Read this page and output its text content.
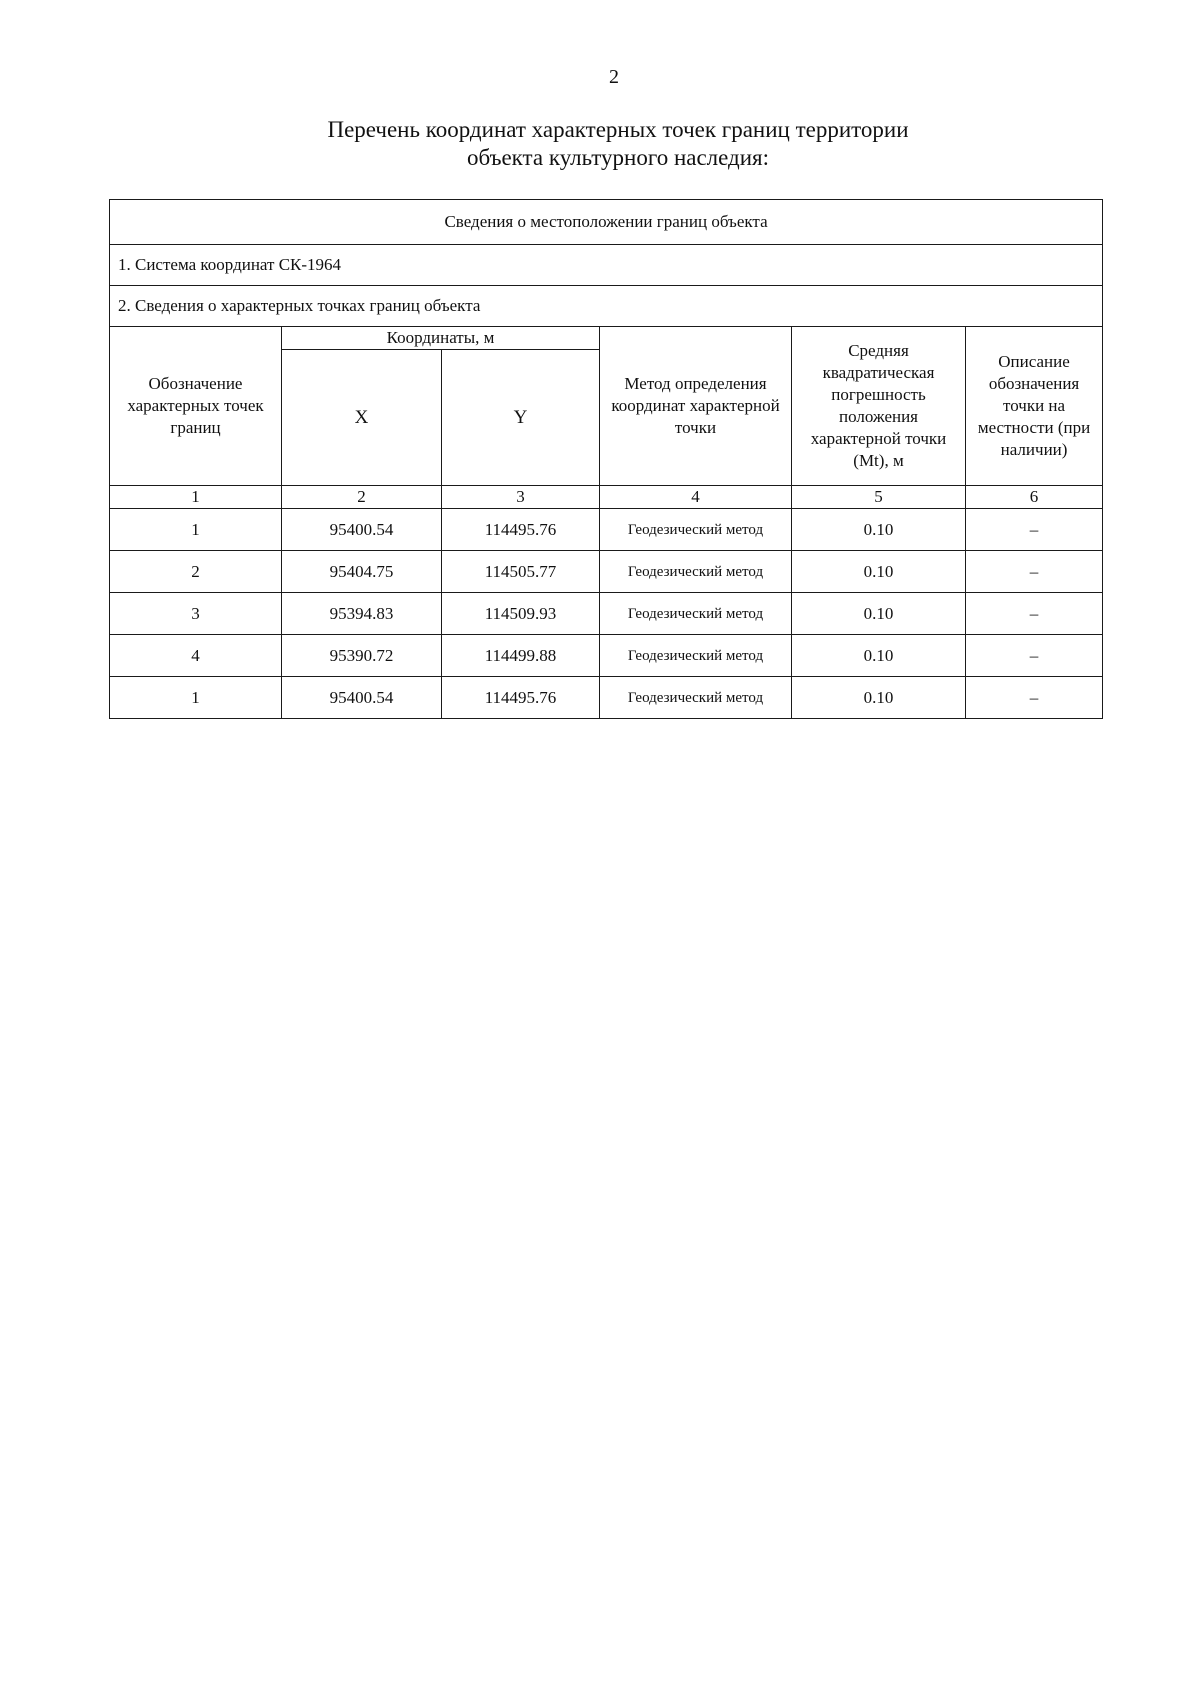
2
Перечень координат характерных точек границ территории
объекта культурного наследия:
Сведения о местоположении границ объекта					
1. Система координат СК-1964					
2. Сведения о характерных точках границ объекта					
Обозначение характерных точек границ	Координаты, м		Метод определения координат характерной точки	Средняя квадратическая погрешность положения характерной точки (Mt), м	Описание обозначения точки на местности (при наличии)
	X	Y			
1	2	3	4	5	6
1	95400.54	114495.76	Геодезический метод	0.10	–
2	95404.75	114505.77	Геодезический метод	0.10	–
3	95394.83	114509.93	Геодезический метод	0.10	–
4	95390.72	114499.88	Геодезический метод	0.10	–
1	95400.54	114495.76	Геодезический метод	0.10	–
